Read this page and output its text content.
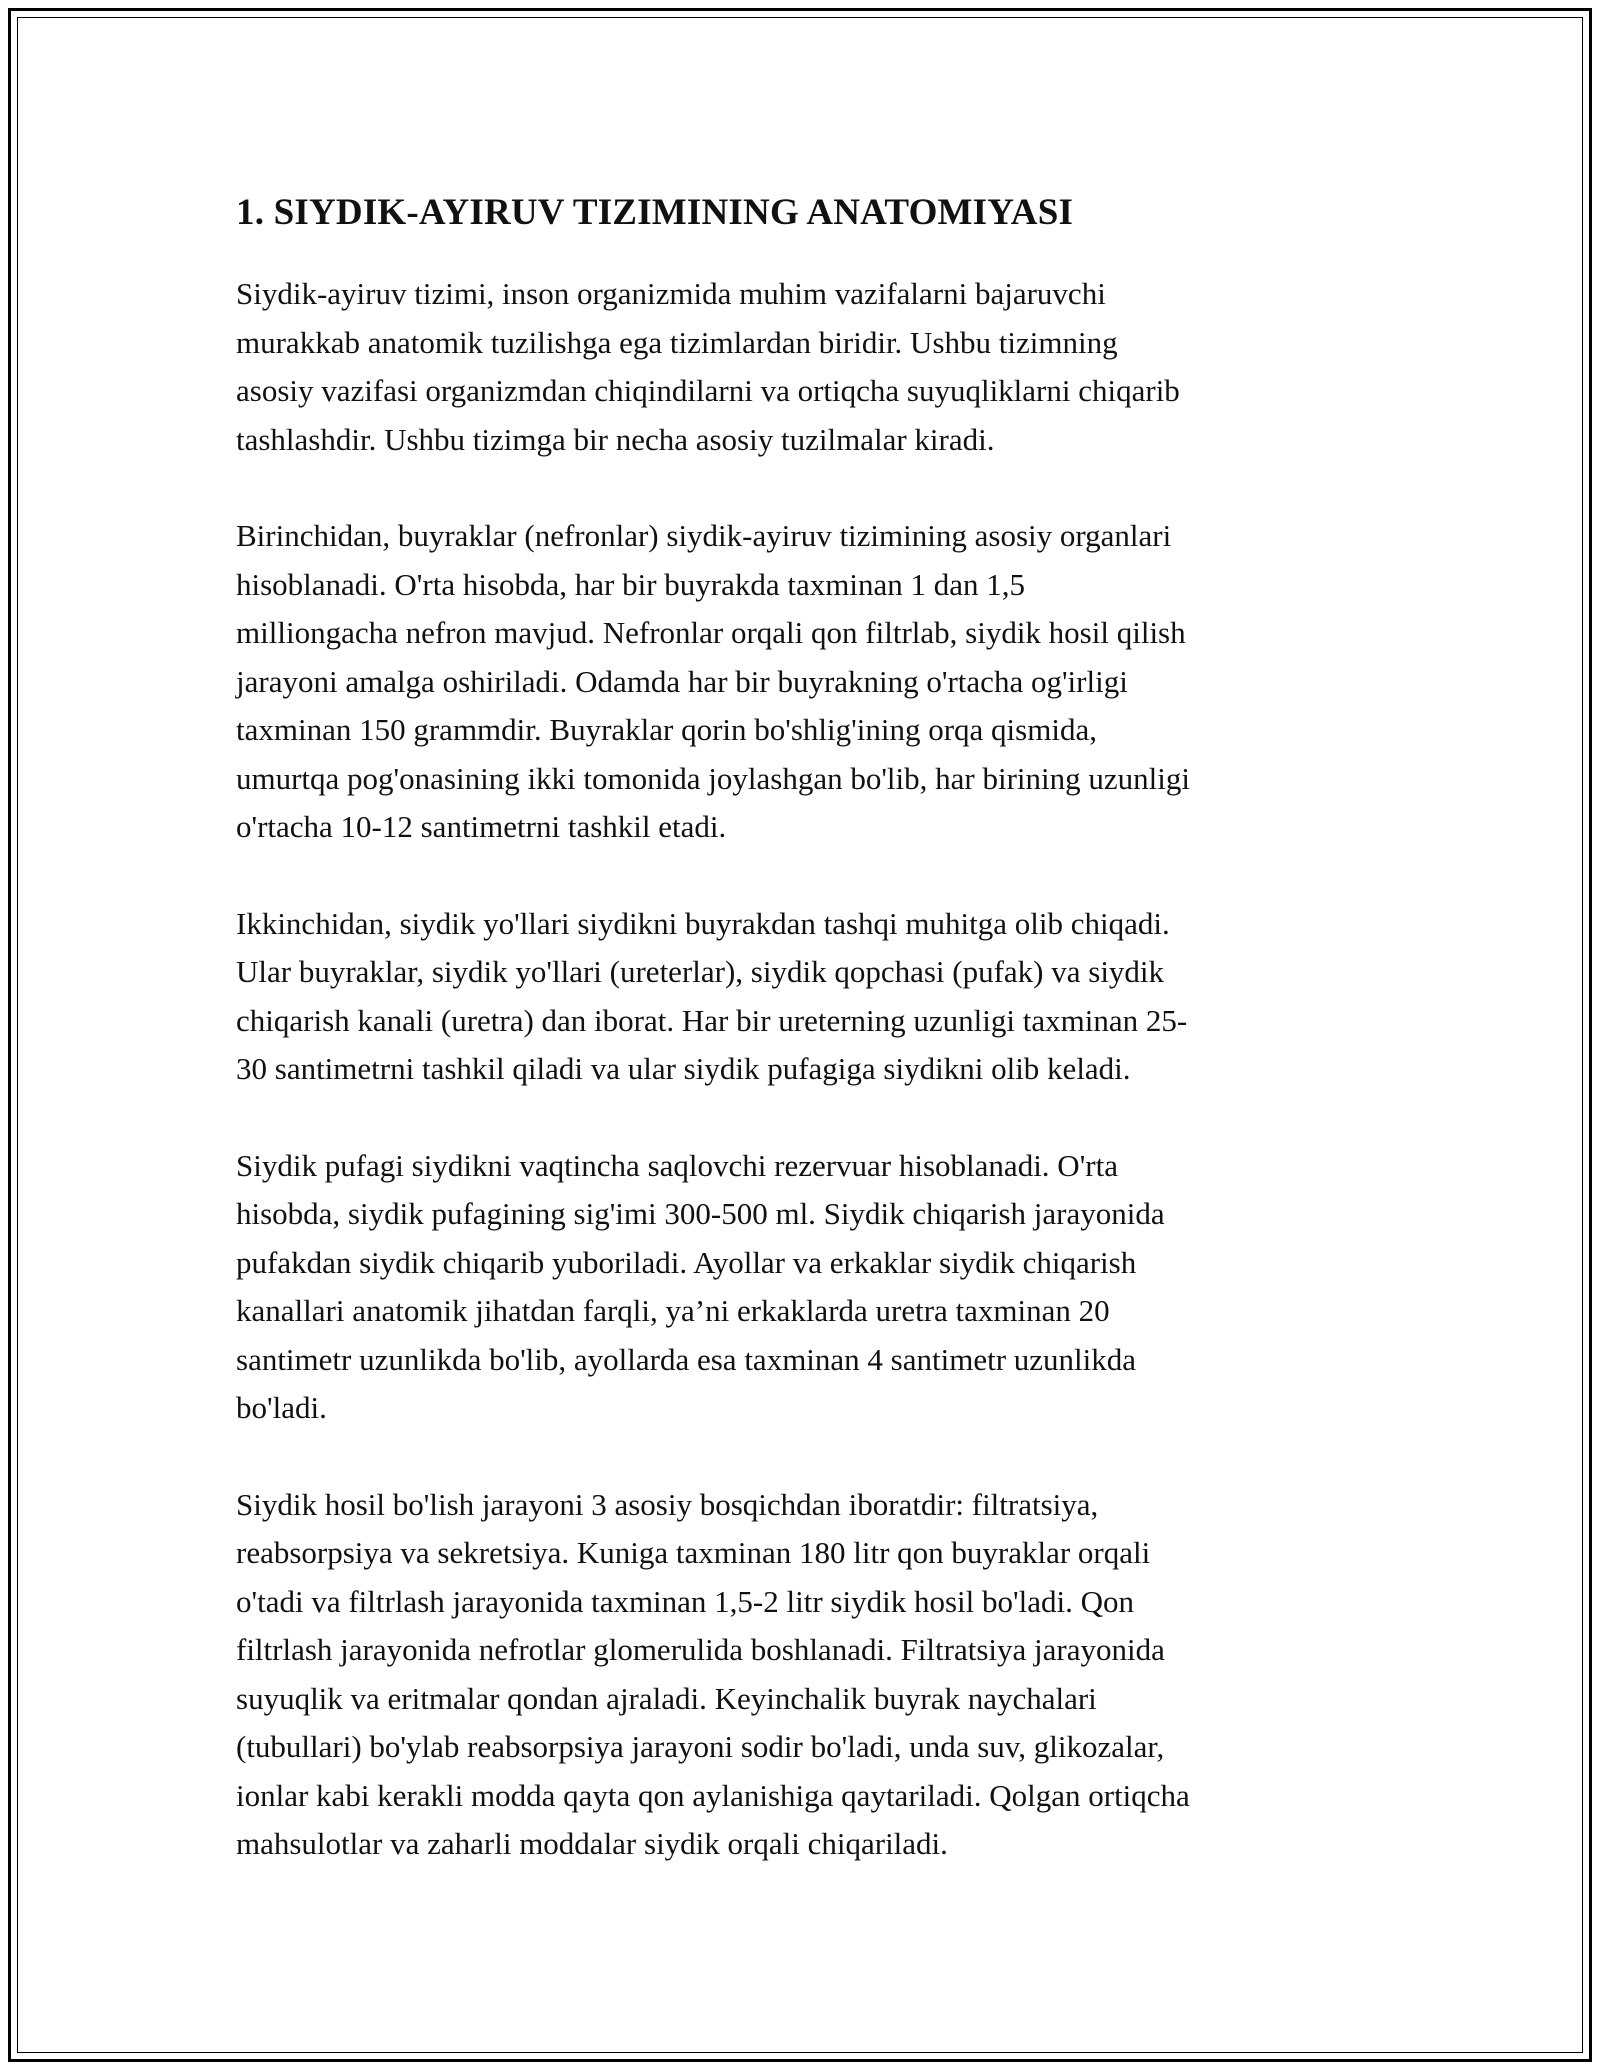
1. SIYDIK-AYIRUV TIZIMINING ANATOMIYASI

Siydik-ayiruv tizimi, inson organizmida muhim vazifalarni bajaruvchi
murakkab anatomik tuzilishga ega tizimlardan biridir. Ushbu tizimning
asosiy vazifasi organizmdan chiqindilarni va ortiqcha suyuqliklarni chiqarib
tashlashdir. Ushbu tizimga bir necha asosiy tuzilmalar kiradi.

Birinchidan, buyraklar (nefronlar) siydik-ayiruv tizimining asosiy organlari
hisoblanadi. O'rta hisobda, har bir buyrakda taxminan 1 dan 1,5
milliongacha nefron mavjud. Nefronlar orqali qon filtrlab, siydik hosil qilish
jarayoni amalga oshiriladi. Odamda har bir buyrakning o'rtacha og'irligi
taxminan 150 grammdir. Buyraklar qorin bo'shlig'ining orqa qismida,
umurtqa pog'onasining ikki tomonida joylashgan bo'lib, har birining uzunligi
o'rtacha 10-12 santimetrni tashkil etadi.

Ikkinchidan, siydik yo'llari siydikni buyrakdan tashqi muhitga olib chiqadi.
Ular buyraklar, siydik yo'llari (ureterlar), siydik qopchasi (pufak) va siydik
chiqarish kanali (uretra) dan iborat. Har bir ureterning uzunligi taxminan 25-
30 santimetrni tashkil qiladi va ular siydik pufagiga siydikni olib keladi.

Siydik pufagi siydikni vaqtincha saqlovchi rezervuar hisoblanadi. O'rta
hisobda, siydik pufagining sig'imi 300-500 ml. Siydik chiqarish jarayonida
pufakdan siydik chiqarib yuboriladi. Ayollar va erkaklar siydik chiqarish
kanallari anatomik jihatdan farqli, ya’ni erkaklarda uretra taxminan 20
santimetr uzunlikda bo'lib, ayollarda esa taxminan 4 santimetr uzunlikda
bo'ladi.

Siydik hosil bo'lish jarayoni 3 asosiy bosqichdan iboratdir: filtratsiya,
reabsorpsiya va sekretsiya. Kuniga taxminan 180 litr qon buyraklar orqali
o'tadi va filtrlash jarayonida taxminan 1,5-2 litr siydik hosil bo'ladi. Qon
filtrlash jarayonida nefrotlar glomerulida boshlanadi. Filtratsiya jarayonida
suyuqlik va eritmalar qondan ajraladi. Keyinchalik buyrak naychalari
(tubullari) bo'ylab reabsorpsiya jarayoni sodir bo'ladi, unda suv, glikozalar,
ionlar kabi kerakli modda qayta qon aylanishiga qaytariladi. Qolgan ortiqcha
mahsulotlar va zaharli moddalar siydik orqali chiqariladi.
